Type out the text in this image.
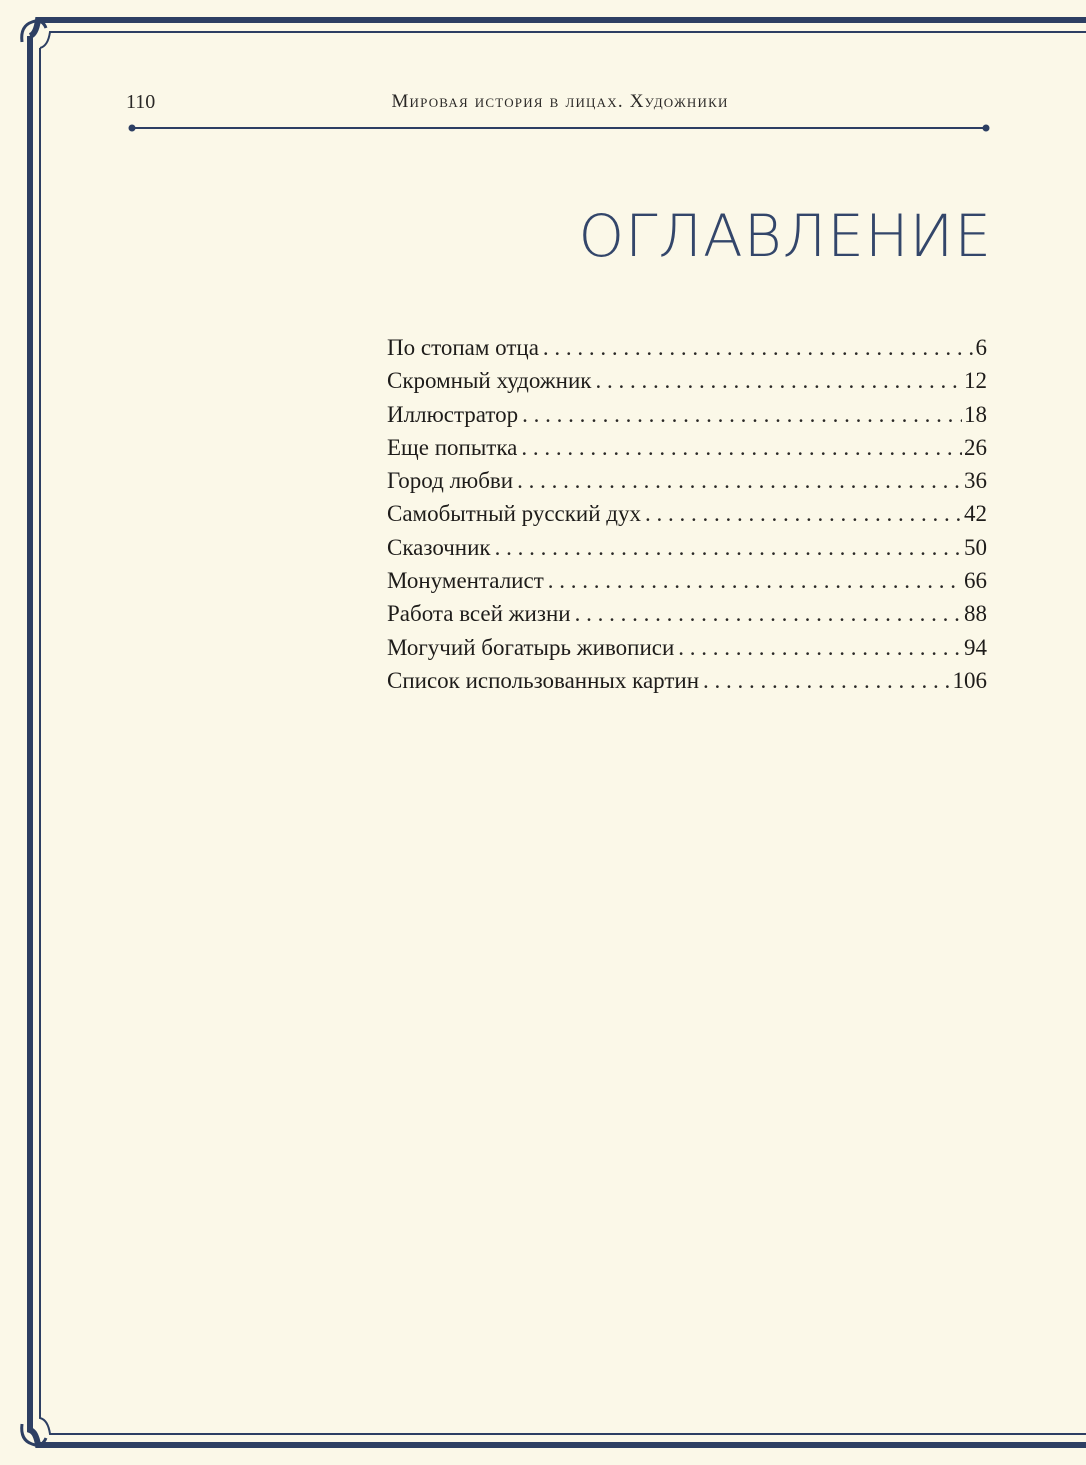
110	Мировая история в лицах. Художники
ОГЛАВЛЕНИЕ
По стопам отца . . .	6
Скромный художник . . .	12
Иллюстратор . . .	18
Еще попытка . . .	26
Город любви . . .	36
Самобытный русский дух . . .	42
Сказочник . . .	50
Монументалист . . .	66
Работа всей жизни . . .	88
Могучий богатырь живописи . . .	94
Список использованных картин . . .	106
